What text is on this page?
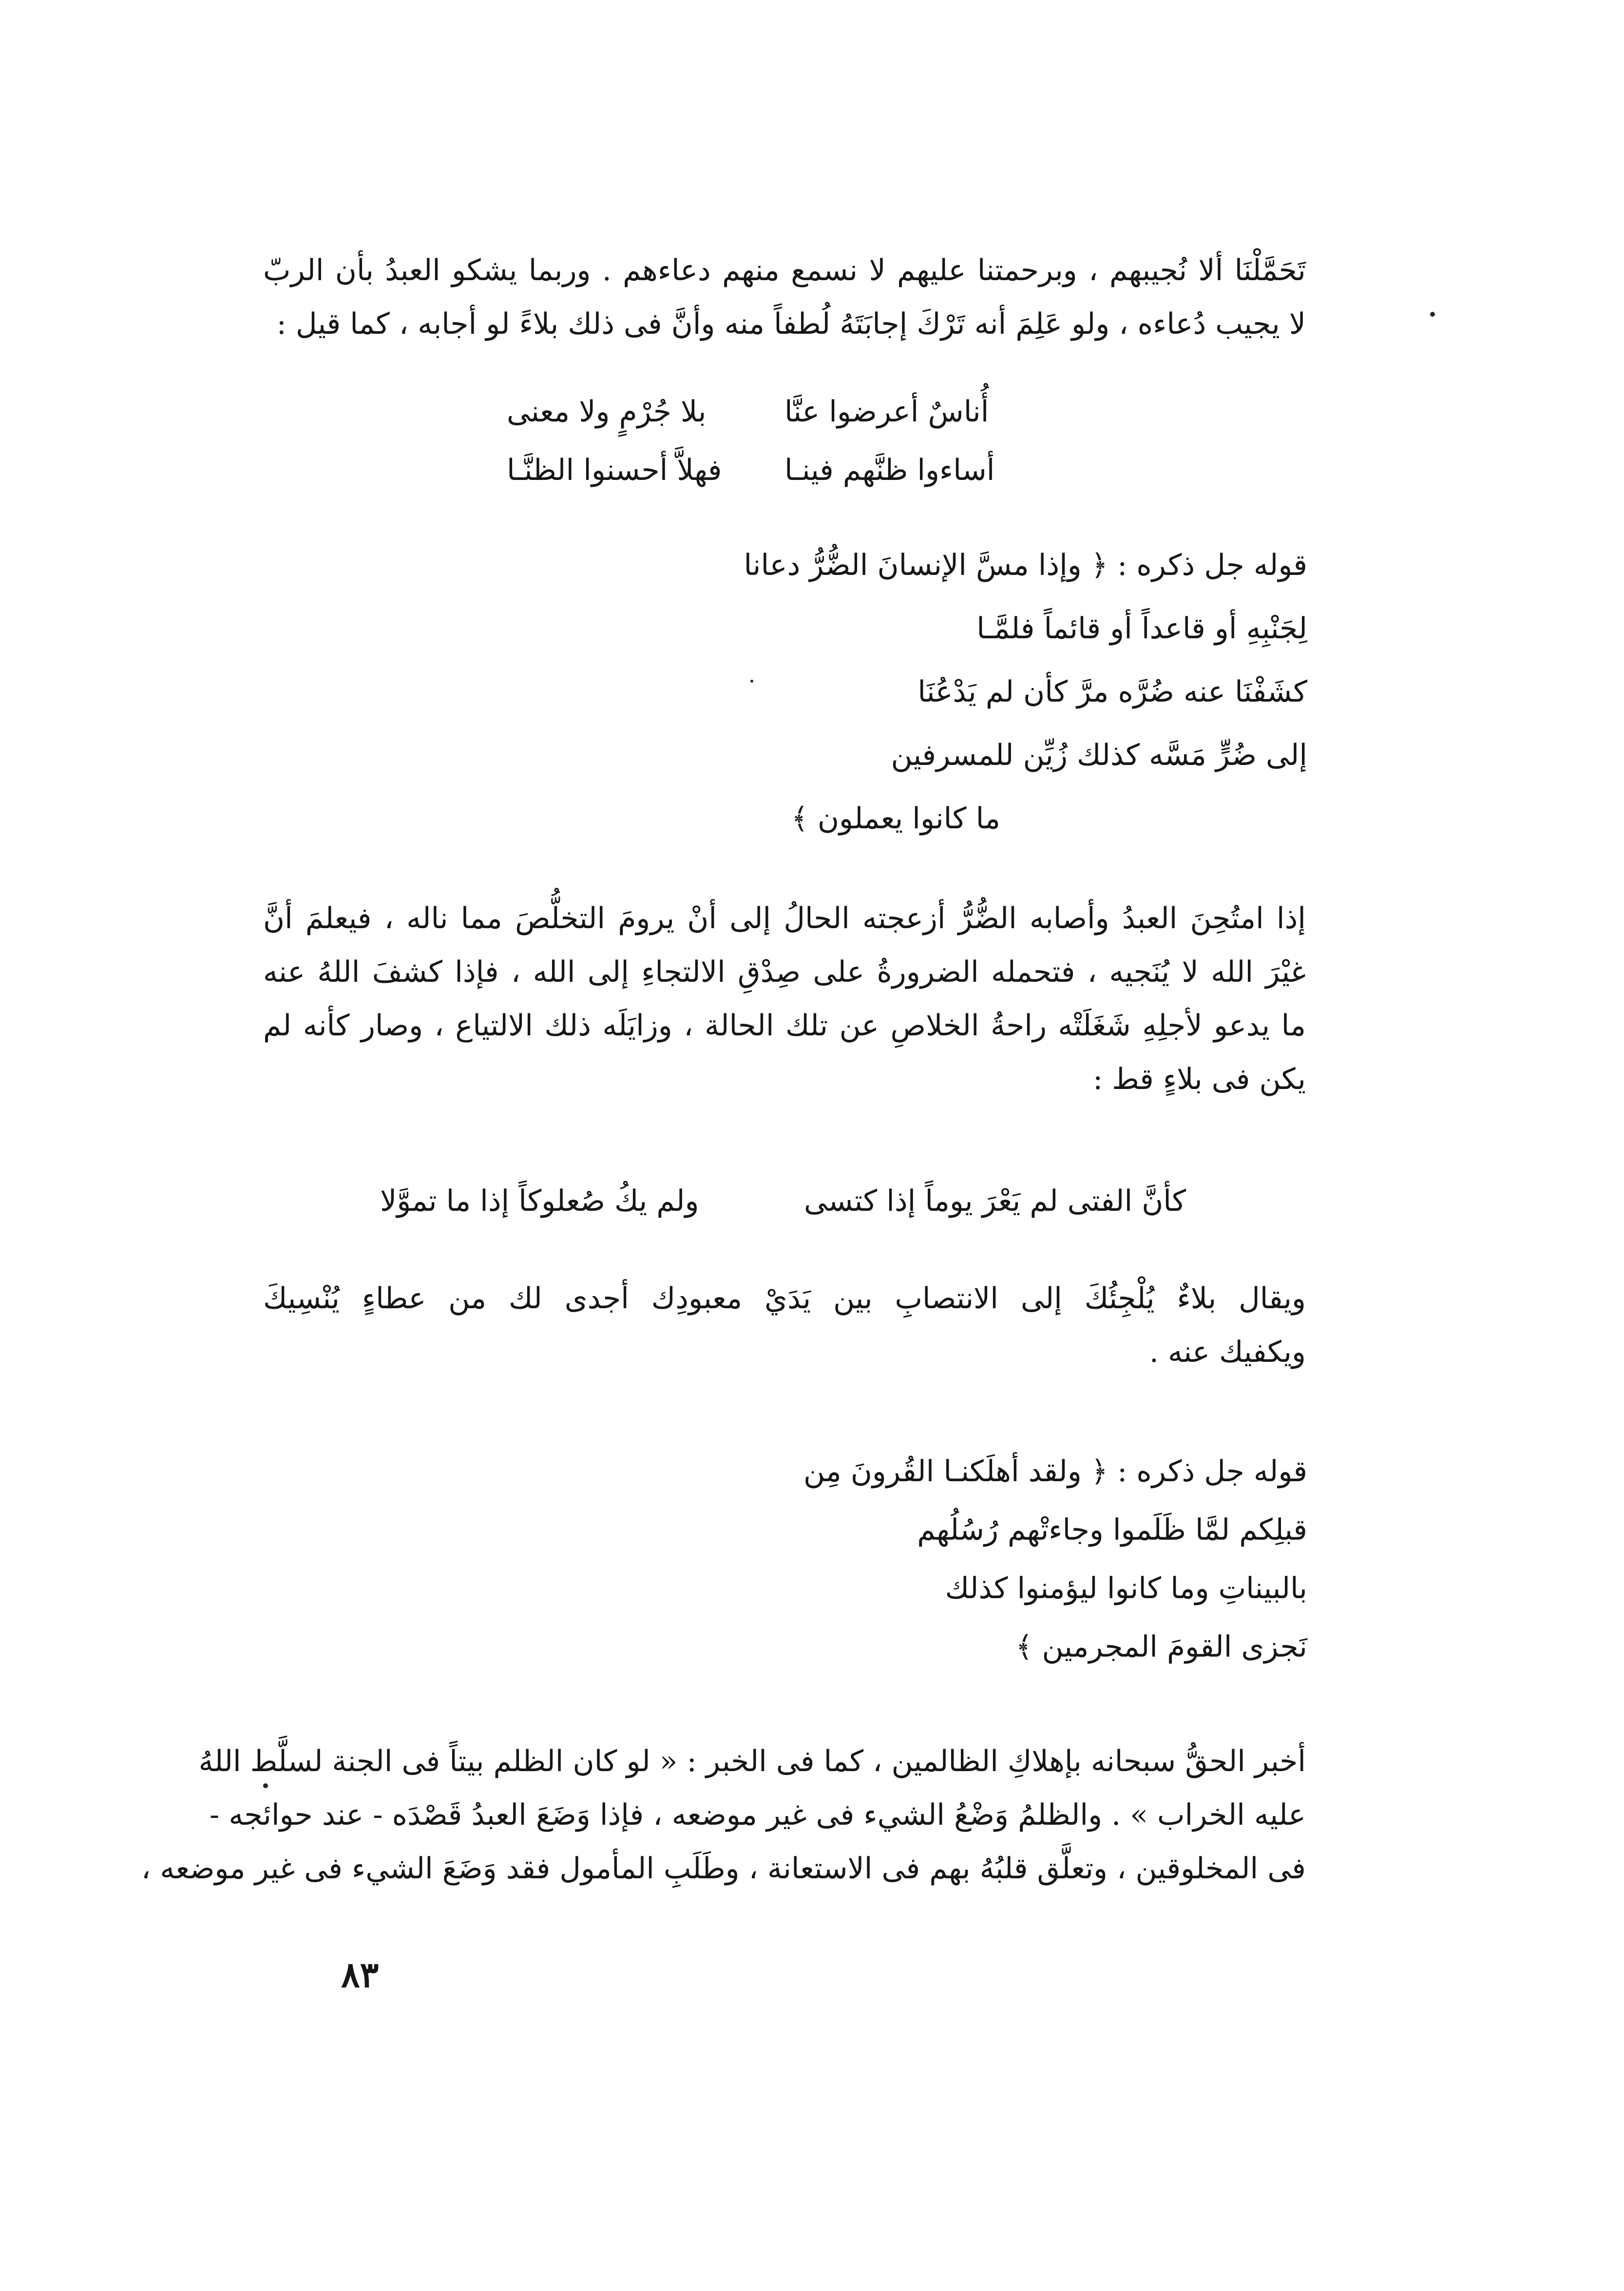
تَحَمَّلْنَا ألا نُجيبهم ، وبرحمتنا عليهم لا نسمع منهم دعاءهم . وربما يشكو العبدُ بأن الربّ
لا يجيب دُعاءه ، ولو عَلِمَ أنه تَرْكَ إجابَتَهُ لُطفاً منه وأنَّ فى ذلك بلاءً لو أجابه ، كما قيل :
أُناسٌ أعرضوا عنَّا
بلا جُرْمٍ ولا معنى
أساءوا ظنَّهم فينـا
فهلاَّ أحسنوا الظنَّـا
قوله جل ذكره : ﴿ وإذا مسَّ الإنسانَ الضُّرُّ دعانا
لِجَنْبِهِ أو قاعداً أو قائماً فلمَّـا
كشَفْنَا عنه ضُرَّه مرَّ كأن لم يَدْعُنَا
إلى ضُرٍّ مَسَّه كذلك زُيِّن للمسرفين
ما كانوا يعملون ﴾
إذا امتُحِنَ العبدُ وأصابه الضُّرُّ أزعجته الحالُ إلى أنْ يرومَ التخلُّصَ مما ناله ، فيعلمَ أنَّ
غيْرَ الله لا يُنَجيه ، فتحمله الضرورةُ على صِدْقِ الالتجاءِ إلى الله ، فإذا كشفَ اللهُ عنه
ما يدعو لأجلِهِ شَغَلَتْه راحةُ الخلاصِ عن تلك الحالة ، وزايَلَه ذلك الالتياع ، وصار كأنه لم
يكن فى بلاءٍ قط :
كأنَّ الفتى لم يَعْرَ يوماً إذا كتسى
ولم يكُ صُعلوكاً إذا ما تموَّلا
ويقال بلاءٌ يُلْجِئُكَ إلى الانتصابِ بين يَدَيْ معبودِك أجدى لك من عطاءٍ يُنْسِيكَ
ويكفيك عنه .
قوله جل ذكره : ﴿ ولقد أهلَكنـا القُرونَ مِن
قبلِكم لمَّا ظَلَموا وجاءتْهم رُسُلُهم
بالبيناتِ وما كانوا ليؤمنوا كذلك
نَجزى القومَ المجرمين ﴾
أخبر الحقُّ سبحانه بإهلاكِ الظالمين ، كما فى الخبر : « لو كان الظلم بيتاً فى الجنة لسلَّط اللهُ
عليه الخراب » . والظلمُ وَضْعُ الشيء فى غير موضعه ، فإذا وَضَعَ العبدُ قَصْدَه - عند حوائجه -
فى المخلوقين ، وتعلَّق قلبُهُ بهم فى الاستعانة ، وطَلَبِ المأمول فقد وَضَعَ الشيء فى غير موضعه ،
٨٣
